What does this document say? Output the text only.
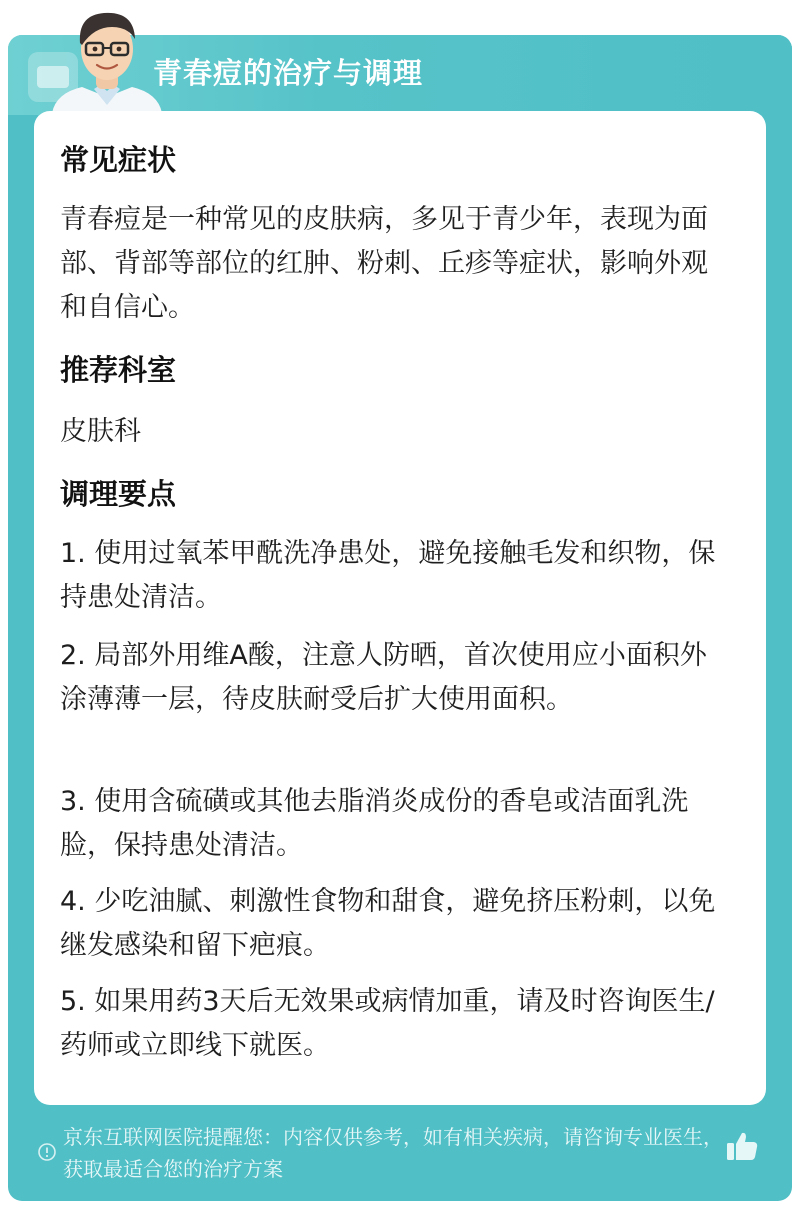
青春痘的治疗与调理
常见症状
青春痘是一种常见的皮肤病，多见于青少年，表现为面部、背部等部位的红肿、粉刺、丘疹等症状，影响外观和自信心。
推荐科室
皮肤科
调理要点
1. 使用过氧苯甲酰洗净患处，避免接触毛发和织物，保持患处清洁。
2. 局部外用维A酸，注意人防晒，首次使用应小面积外涂薄薄一层，待皮肤耐受后扩大使用面积。
3. 使用含硫磺或其他去脂消炎成份的香皂或洁面乳洗脸，保持患处清洁。
4. 少吃油腻、刺激性食物和甜食，避免挤压粉刺，以免继发感染和留下疤痕。
5. 如果用药3天后无效果或病情加重，请及时咨询医生/药师或立即线下就医。
京东互联网医院提醒您：内容仅供参考，如有相关疾病，请咨询专业医生，获取最适合您的治疗方案
